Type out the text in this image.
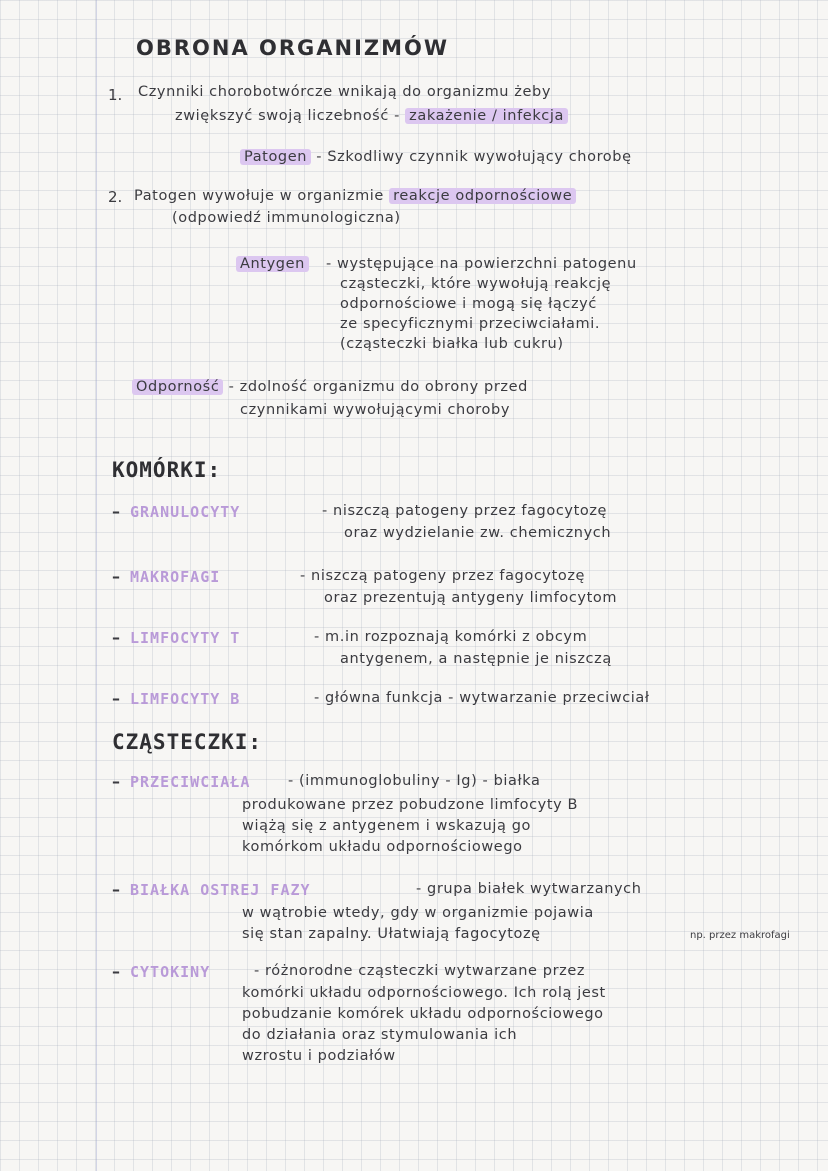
OBRONA ORGANIZMÓW
1. Czynniki chorobotwórcze wnikają do organizmu żeby
zwiększyć swoją liczebność - zakażenie / infekcja
Patogen - Szkodliwy czynnik wywołujący chorobę
2. Patogen wywołuje w organizmie reakcje odpornościowe
(odpowiedź immunologiczna)
Antygen - występujące na powierzchni patogenu
cząsteczki, które wywołują reakcję
odpornościowe i mogą się łączyć
ze specyficznymi przeciwciałami.
(cząsteczki białka lub cukru)
Odporność - zdolność organizmu do obrony przed
czynnikami wywołującymi choroby
KOMÓRKI:
– GRANULOCYTY	- niszczą patogeny przez fagocytozę
oraz wydzielanie zw. chemicznych
– MAKROFAGI	- niszczą patogeny przez fagocytozę
oraz prezentują antygeny limfocytom
– LIMFOCYTY T	- m.in rozpoznają komórki z obcym
antygenem, a następnie je niszczą
– LIMFOCYTY B	- główna funkcja - wytwarzanie przeciwciał
CZĄSTECZKI:
– PRZECIWCIAŁA	- (immunoglobuliny - Ig) - białka
produkowane przez pobudzone limfocyty B
wiążą się z antygenem i wskazują go
komórkom układu odpornościowego
– BIAŁKA OSTREJ FAZY	- grupa białek wytwarzanych
w wątrobie wtedy, gdy w organizmie pojawia
się stan zapalny. Ułatwiają fagocytozę	np. przez makrofagi
– CYTOKINY	- różnorodne cząsteczki wytwarzane przez
komórki układu odpornościowego. Ich rolą jest
pobudzanie komórek układu odpornościowego
do działania oraz stymulowania ich
wzrostu i podziałów
